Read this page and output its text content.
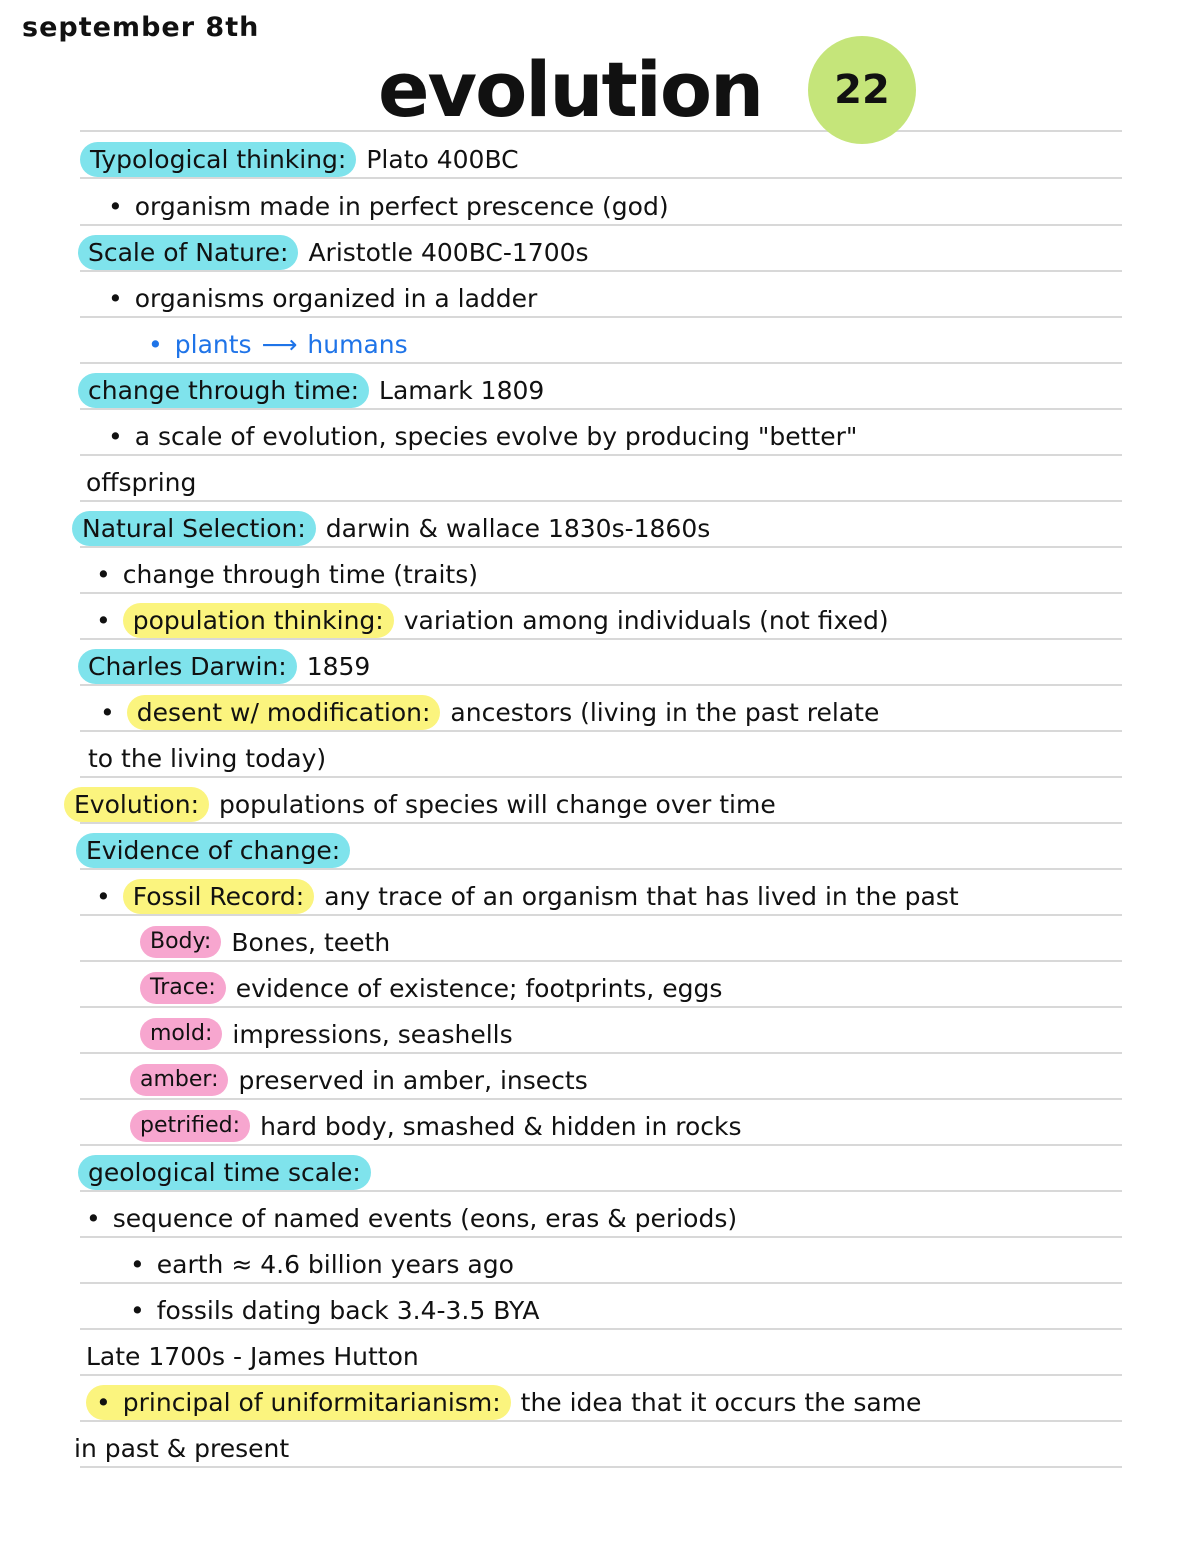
september 8th
evolution 22
Typological thinking: Plato 400BC
• organism made in perfect prescence (god)
Scale of Nature: Aristotle 400BC-1700s
• organisms organized in a ladder
• plants ⟶ humans
change through time: Lamark 1809
• a scale of evolution, species evolve by producing "better"
offspring
Natural Selection: darwin & wallace 1830s-1860s
• change through time (traits)
• population thinking: variation among individuals (not fixed)
Charles Darwin: 1859
• desent w/ modification: ancestors (living in the past relate
to the living today)
Evolution: populations of species will change over time
Evidence of change:
• Fossil Record: any trace of an organism that has lived in the past
Body: Bones, teeth
Trace: evidence of existence; footprints, eggs
mold: impressions, seashells
amber: preserved in amber, insects
petrified: hard body, smashed & hidden in rocks
geological time scale:
• sequence of named events (eons, eras & periods)
• earth ≈ 4.6 billion years ago
• fossils dating back 3.4-3.5 BYA
Late 1700s - James Hutton
• principal of uniformitarianism: the idea that it occurs the same
in past & present
